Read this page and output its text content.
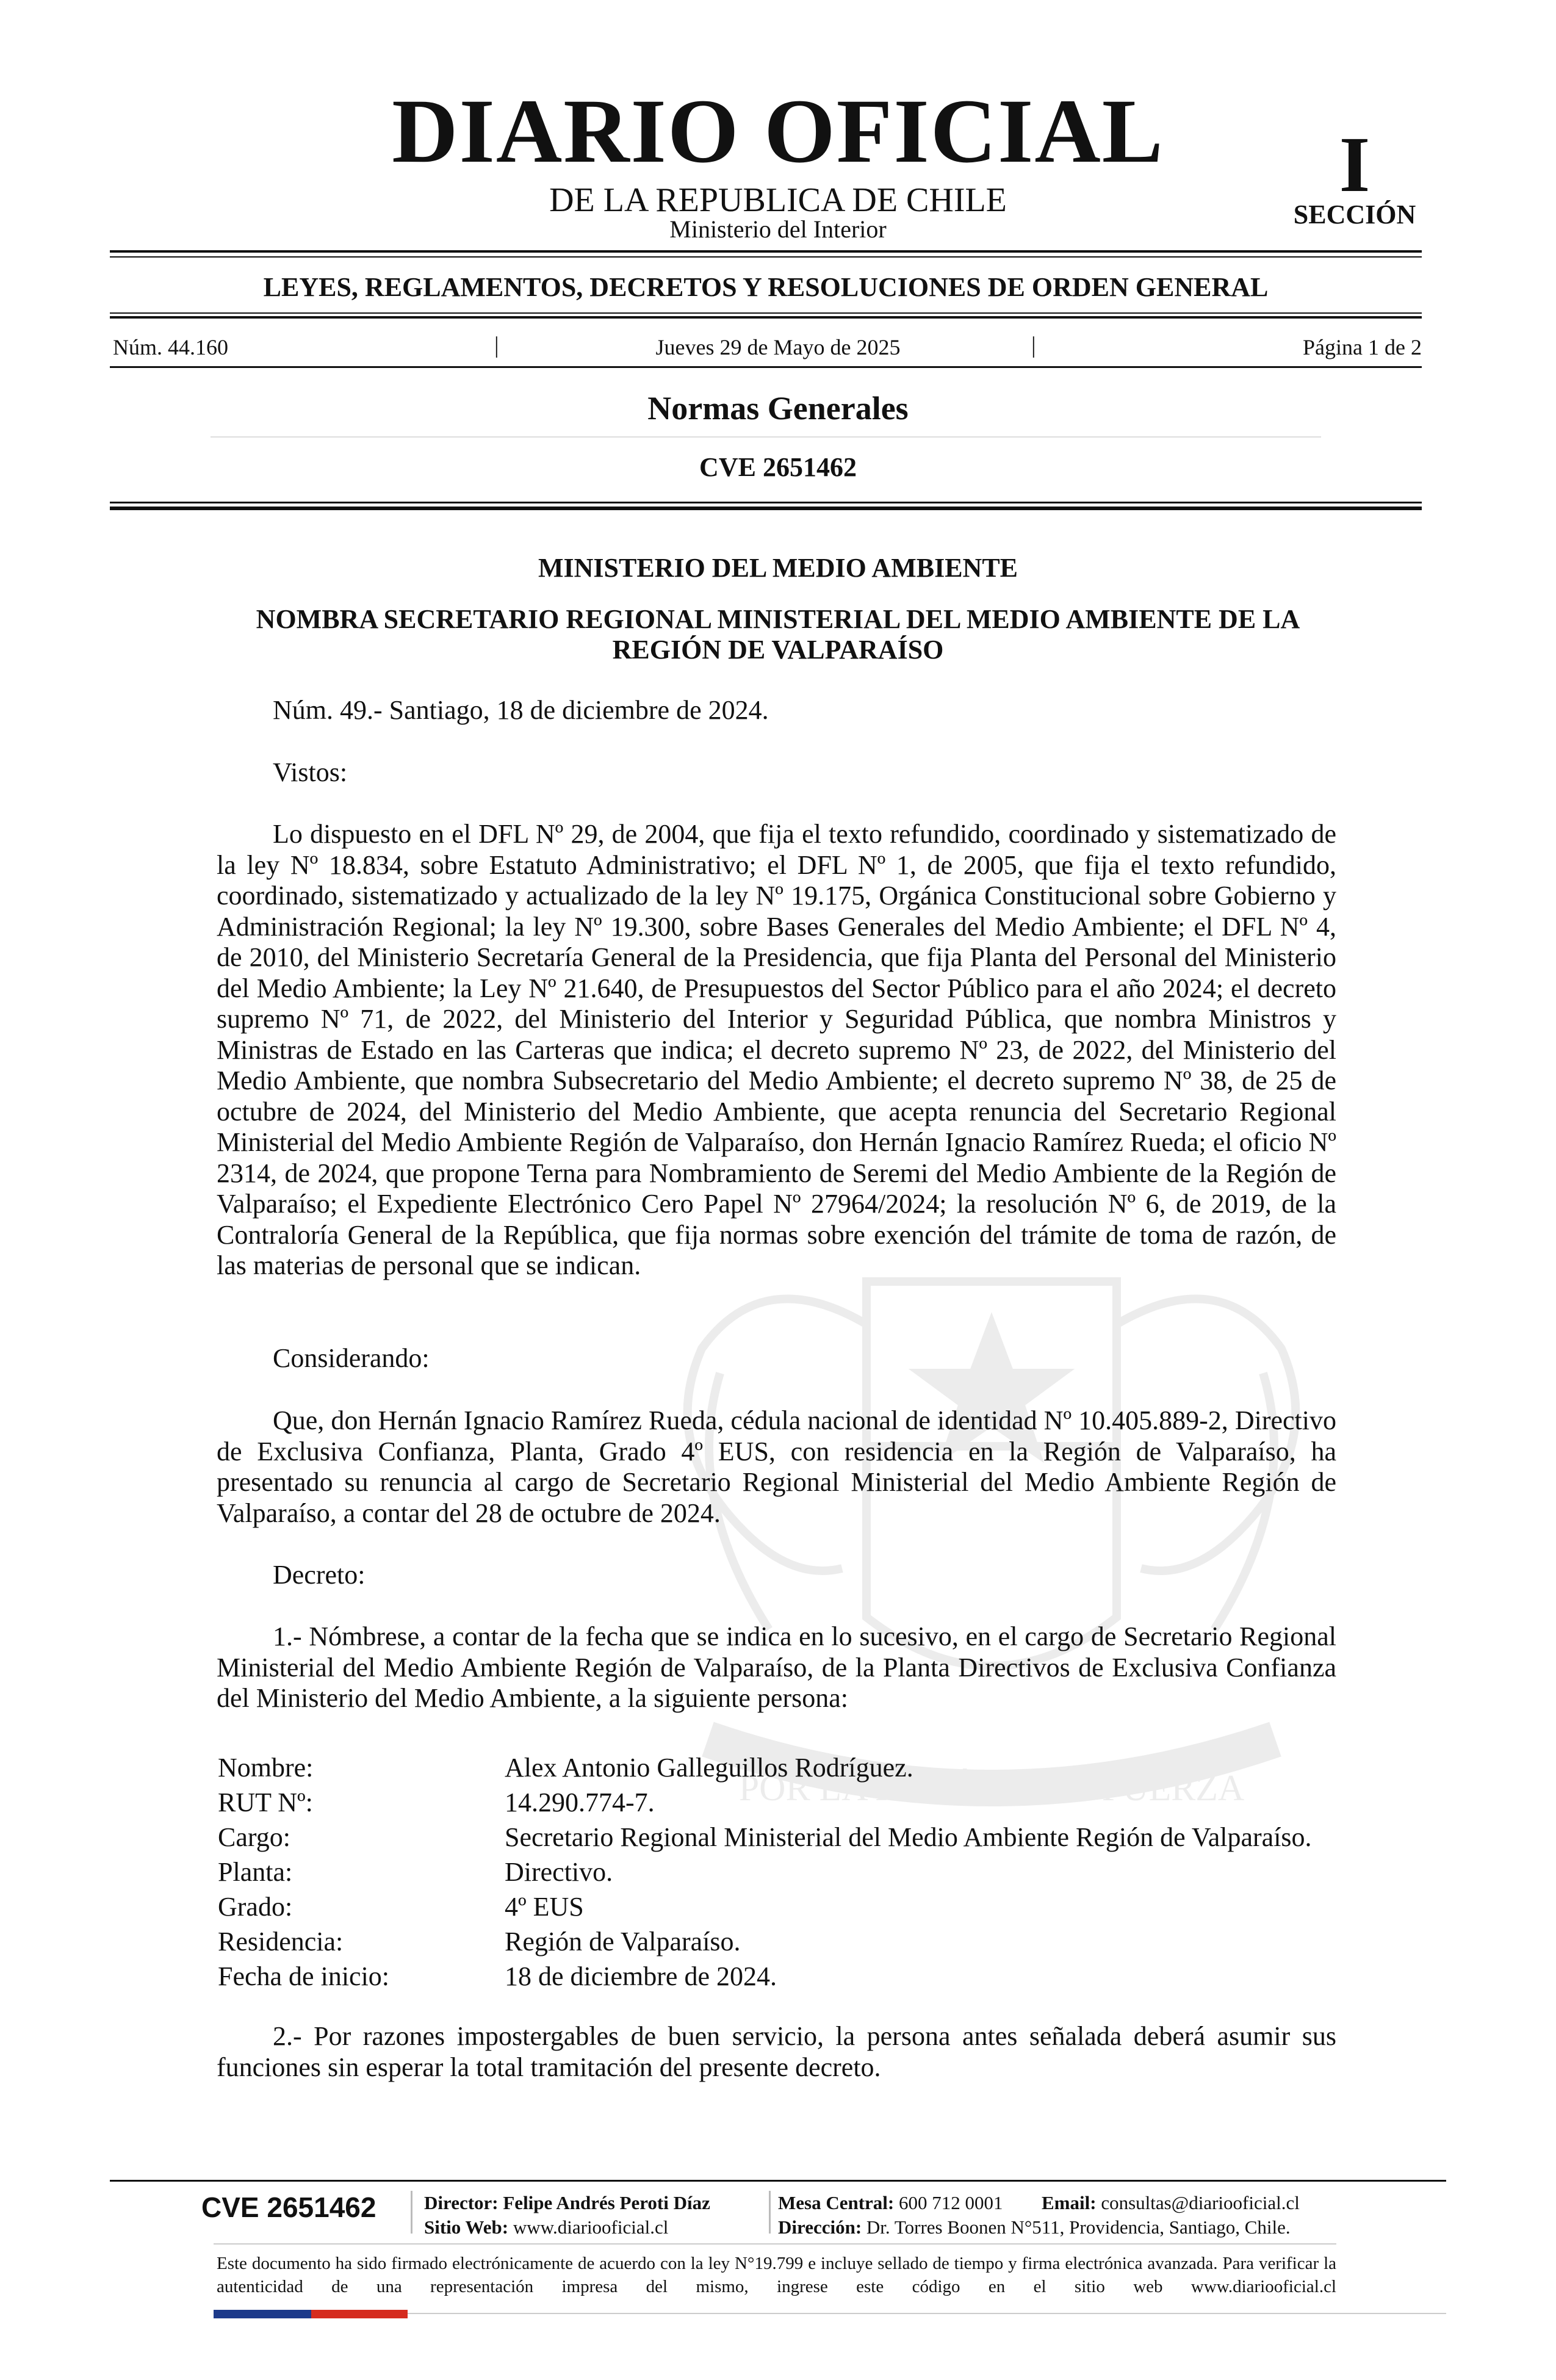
POR LA RAZÓN O LA FUERZA
DIARIO OFICIAL
DE LA REPUBLICA DE CHILE
Ministerio del Interior
I
SECCIÓN
LEYES, REGLAMENTOS, DECRETOS Y RESOLUCIONES DE ORDEN GENERAL
Núm. 44.160	|	Jueves 29 de Mayo de 2025	|	Página 1 de 2
Normas Generales
CVE 2651462
MINISTERIO DEL MEDIO AMBIENTE
NOMBRA SECRETARIO REGIONAL MINISTERIAL DEL MEDIO AMBIENTE DE LA REGIÓN DE VALPARAÍSO
Núm. 49.- Santiago, 18 de diciembre de 2024.
Vistos:

Lo dispuesto en el DFL Nº 29, de 2004, que fija el texto refundido, coordinado y sistematizado de la ley Nº 18.834, sobre Estatuto Administrativo; el DFL Nº 1, de 2005, que fija el texto refundido, coordinado, sistematizado y actualizado de la ley Nº 19.175, Orgánica Constitucional sobre Gobierno y Administración Regional; la ley Nº 19.300, sobre Bases Generales del Medio Ambiente; el DFL Nº 4, de 2010, del Ministerio Secretaría General de la Presidencia, que fija Planta del Personal del Ministerio del Medio Ambiente; la Ley Nº 21.640, de Presupuestos del Sector Público para el año 2024; el decreto supremo Nº 71, de 2022, del Ministerio del Interior y Seguridad Pública, que nombra Ministros y Ministras de Estado en las Carteras que indica; el decreto supremo Nº 23, de 2022, del Ministerio del Medio Ambiente, que nombra Subsecretario del Medio Ambiente; el decreto supremo Nº 38, de 25 de octubre de 2024, del Ministerio del Medio Ambiente, que acepta renuncia del Secretario Regional Ministerial del Medio Ambiente Región de Valparaíso, don Hernán Ignacio Ramírez Rueda; el oficio Nº 2314, de 2024, que propone Terna para Nombramiento de Seremi del Medio Ambiente de la Región de Valparaíso; el Expediente Electrónico Cero Papel Nº 27964/2024; la resolución Nº 6, de 2019, de la Contraloría General de la República, que fija normas sobre exención del trámite de toma de razón, de las materias de personal que se indican.

Considerando:

Que, don Hernán Ignacio Ramírez Rueda, cédula nacional de identidad Nº 10.405.889-2, Directivo de Exclusiva Confianza, Planta, Grado 4º EUS, con residencia en la Región de Valparaíso, ha presentado su renuncia al cargo de Secretario Regional Ministerial del Medio Ambiente Región de Valparaíso, a contar del 28 de octubre de 2024.

Decreto:

1.- Nómbrese, a contar de la fecha que se indica en lo sucesivo, en el cargo de Secretario Regional Ministerial del Medio Ambiente Región de Valparaíso, de la Planta Directivos de Exclusiva Confianza del Ministerio del Medio Ambiente, a la siguiente persona:

Nombre:	Alex Antonio Galleguillos Rodríguez.
RUT Nº:	14.290.774-7.
Cargo:	Secretario Regional Ministerial del Medio Ambiente Región de Valparaíso.
Planta:	Directivo.
Grado:	4º EUS
Residencia:	Región de Valparaíso.
Fecha de inicio:	18 de diciembre de 2024.

2.- Por razones impostergables de buen servicio, la persona antes señalada deberá asumir sus funciones sin esperar la total tramitación del presente decreto.

CVE 2651462	Director: Felipe Andrés Peroti Díaz
Sitio Web: www.diariooficial.cl
Mesa Central: 600 712 0001
Dirección: Dr. Torres Boonen N°511, Providencia, Santiago, Chile.
Email: consultas@diariooficial.cl
Este documento ha sido firmado electrónicamente de acuerdo con la ley N°19.799 e incluye sellado de tiempo y firma electrónica avanzada. Para verificar la autenticidad de una representación impresa del mismo, ingrese este código en el sitio web www.diariooficial.cl
